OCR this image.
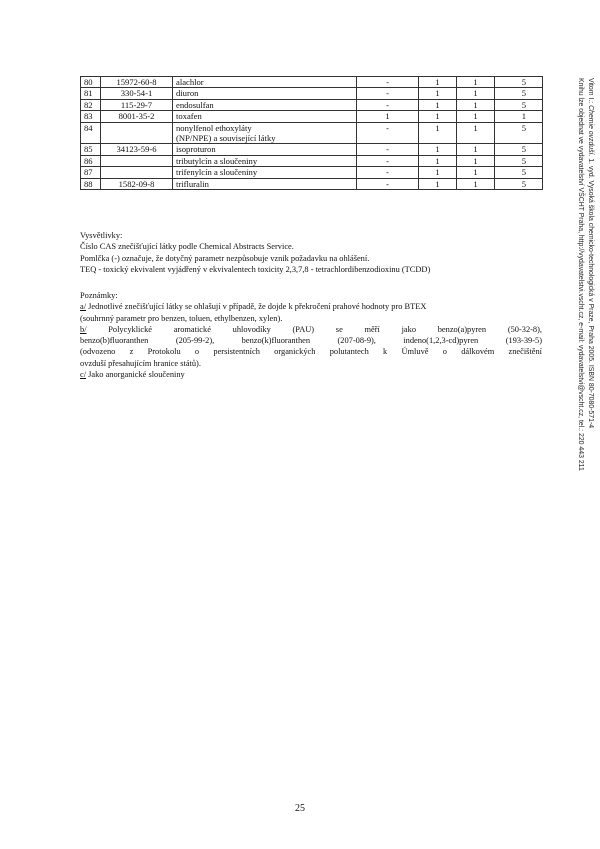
80	15972-60-8	alachlor	-	1	1	5
81	330-54-1	diuron	-	1	1	5
82	115-29-7	endosulfan	-	1	1	5
83	8001-35-2	toxafen	1	1	1	1
84		nonylfenol ethoxyláty
(NP/NPE) a související látky	-	1	1	5
85	34123-59-6	isoproturon	-	1	1	5
86		tributylcín a sloučeniny	-	1	1	5
87		trifenylcín a sloučeniny	-	1	1	5
88	1582-09-8	trifluralin	-	1	1	5

Vysvětlivky:

Číslo CAS znečišťující látky podle Chemical Abstracts Service.

Pomlčka (-) označuje, že dotyčný parametr nezpůsobuje vznik požadavku na ohlášení.

TEQ - toxický ekvivalent vyjádřený v ekvivalentech toxicity 2,3,7,8 - tetrachlordibenzodioxinu (TCDD)

Poznámky:

a/ Jednotlivé znečišťující látky se ohlašují v případě, že dojde k překročení prahové hodnoty pro BTEX

(souhrnný parametr pro benzen, toluen, ethylbenzen, xylen).

b/	Polycyklické aromatické uhlovodíky (PAU) se měří jako benzo(a)pyren (50-32-8),

benzo(b)fluoranthen (205-99-2), benzo(k)fluoranthen (207-08-9), indeno(1,2,3-cd)pyren (193-39-5)

(odvozeno z Protokolu o persistentních organických polutantech k Úmluvě o dálkovém znečištění

ovzduší přesahujícím hranice států).

c/ Jako anorganické sloučeniny

Vitom I.: Chemie ovzduší. 1. vyd. Vysoká škola chemicko-technologická v Praze, Praha 2005. ISBN 80-7080-571-4
Knihu lze objednat ve vydavatelství VŠCHT Praha, http://vydavatelstvi.vscht.cz, e-mail: vydavatelstvi@vscht.cz, tel.: 220 443 211
25
